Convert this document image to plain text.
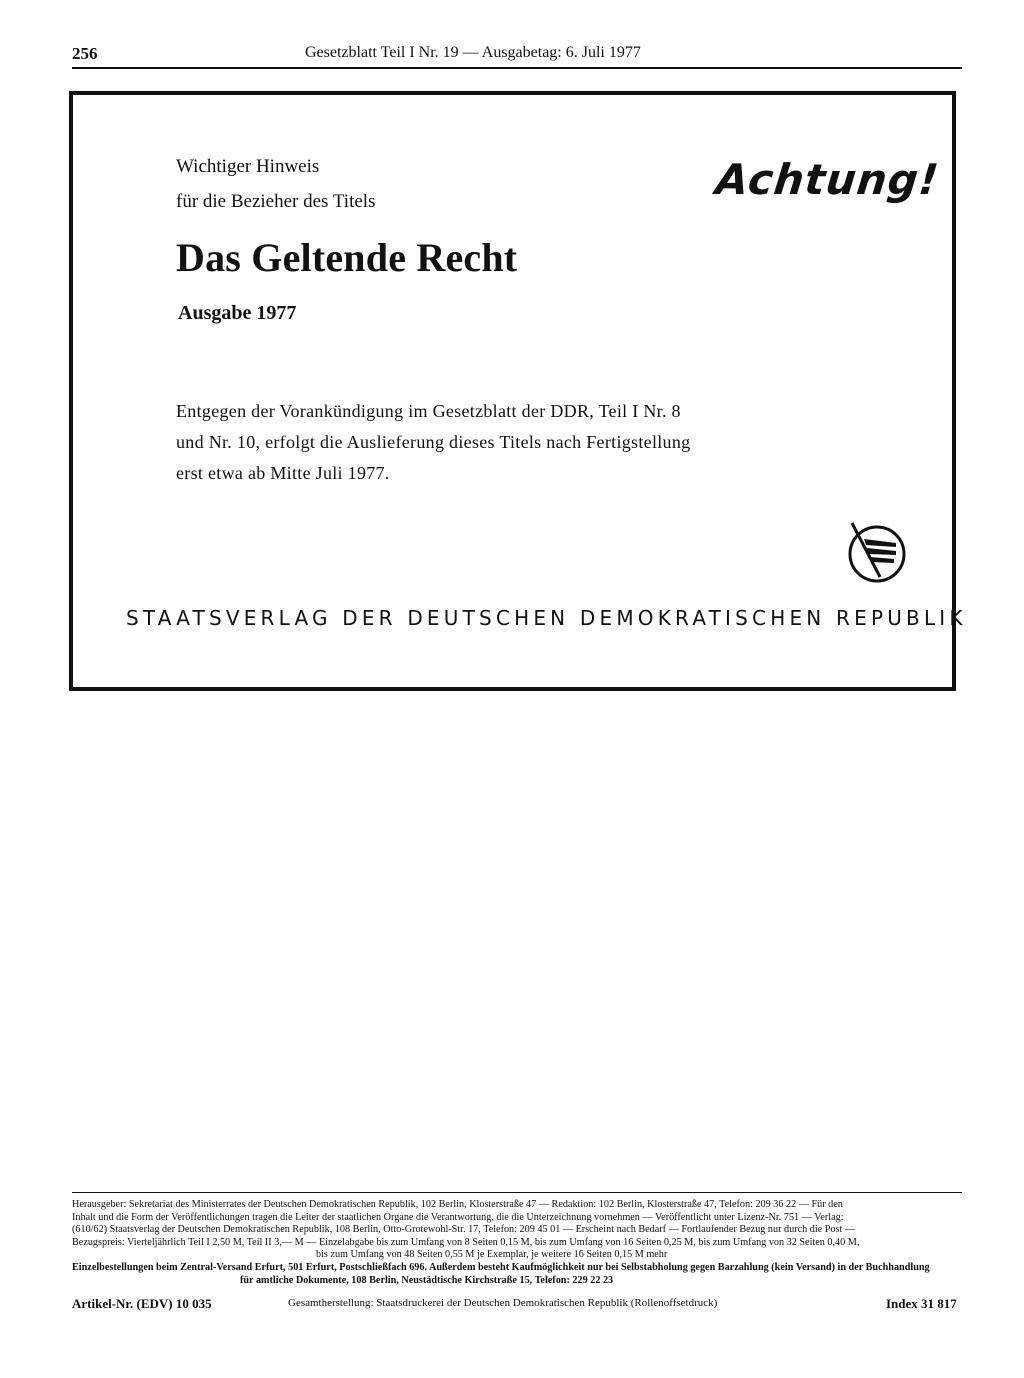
256	Gesetzblatt Teil I Nr. 19 — Ausgabetag: 6. Juli 1977
Wichtiger Hinweis
für die Bezieher des Titels
Das Geltende Recht
Ausgabe 1977
Achtung!

Entgegen der Vorankündigung im Gesetzblatt der DDR, Teil I Nr. 8

und Nr. 10, erfolgt die Auslieferung dieses Titels nach Fertigstellung

erst etwa ab Mitte Juli 1977.

STAATSVERLAG DER DEUTSCHEN DEMOKRATISCHEN REPUBLIK

Herausgeber: Sekretariat des Ministerrates der Deutschen Demokratischen Republik, 102 Berlin, Klosterstraße 47 — Redaktion: 102 Berlin, Klosterstraße 47, Telefon: 209 36 22 — Für den

Inhalt und die Form der Veröffentlichungen tragen die Leiter der staatlichen Organe die Verantwortung, die die Unterzeichnung vornehmen — Veröffentlicht unter Lizenz-Nr. 751 — Verlag:

(610/62) Staatsverlag der Deutschen Demokratischen Republik, 108 Berlin, Otto-Grotewohl-Str. 17, Telefon: 209 45 01 — Erscheint nach Bedarf — Fortlaufender Bezug nur durch die Post —

Bezugspreis: Vierteljährlich Teil I 2,50 M, Teil II 3,— M — Einzelabgabe bis zum Umfang von 8 Seiten 0,15 M, bis zum Umfang von 16 Seiten 0,25 M, bis zum Umfang von 32 Seiten 0,40 M,

bis zum Umfang von 48 Seiten 0,55 M je Exemplar, je weitere 16 Seiten 0,15 M mehr

Einzelbestellungen beim Zentral-Versand Erfurt, 501 Erfurt, Postschließfach 696. Außerdem besteht Kaufmöglichkeit nur bei Selbstabholung gegen Barzahlung (kein Versand) in der Buchhandlung

für amtliche Dokumente, 108 Berlin, Neustädtische Kirchstraße 15, Telefon: 229 22 23

Artikel-Nr. (EDV) 10 035	Gesamtherstellung: Staatsdruckerei der Deutschen Demokratischen Republik (Rollenoffsetdruck)	Index 31 817
